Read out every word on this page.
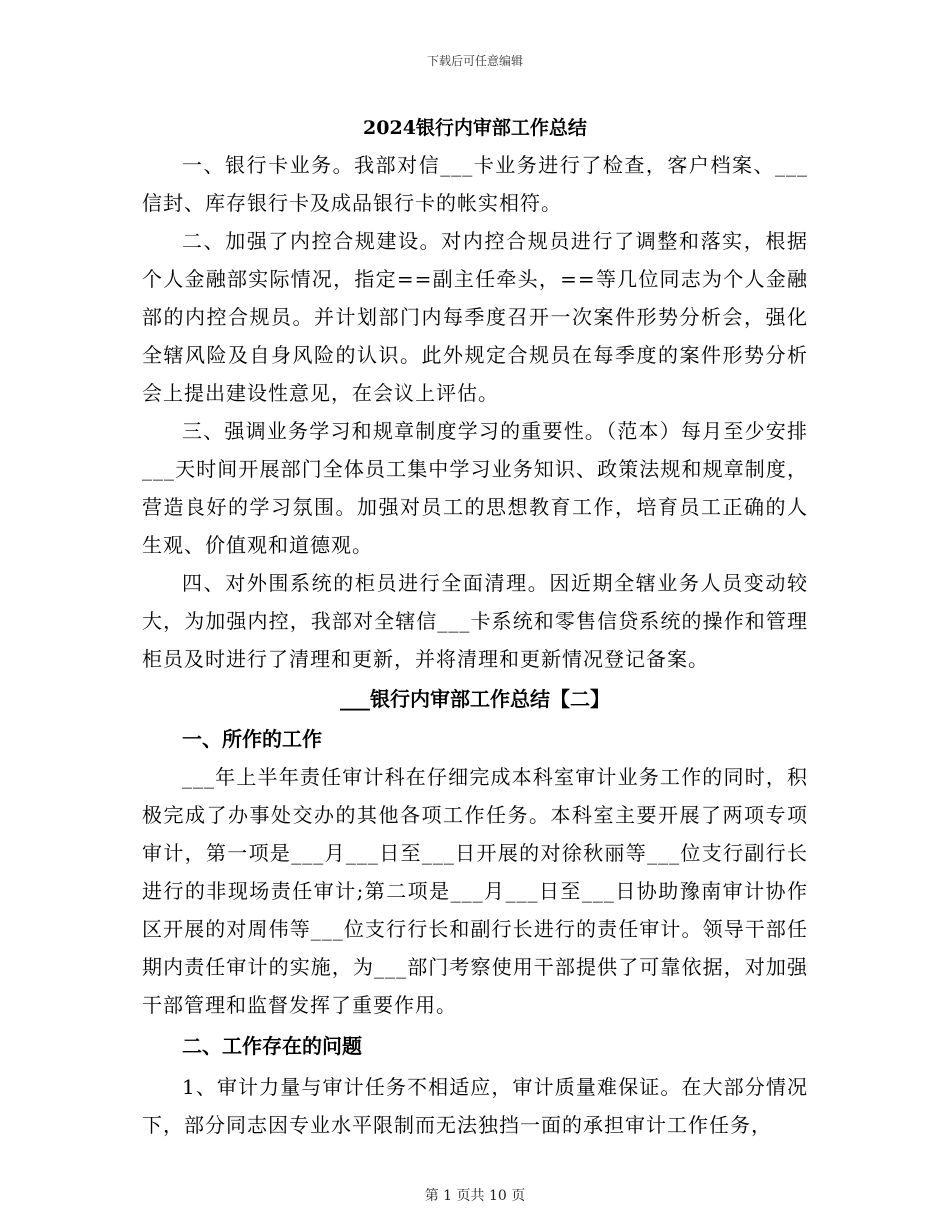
下载后可任意编辑

2024银行内审部工作总结

一、银行卡业务。我部对信___卡业务进行了检查，客户档案、___信封、库存银行卡及成品银行卡的帐实相符。

二、加强了内控合规建设。对内控合规员进行了调整和落实，根据个人金融部实际情况，指定==副主任牵头，==等几位同志为个人金融部的内控合规员。并计划部门内每季度召开一次案件形势分析会，强化全辖风险及自身风险的认识。此外规定合规员在每季度的案件形势分析会上提出建设性意见，在会议上评估。

三、强调业务学习和规章制度学习的重要性。（范本）每月至少安排___天时间开展部门全体员工集中学习业务知识、政策法规和规章制度，营造良好的学习氛围。加强对员工的思想教育工作，培育员工正确的人生观、价值观和道德观。

四、对外围系统的柜员进行全面清理。因近期全辖业务人员变动较大，为加强内控，我部对全辖信___卡系统和零售信贷系统的操作和管理柜员及时进行了清理和更新，并将清理和更新情况登记备案。

___银行内审部工作总结【二】

一、所作的工作

___年上半年责任审计科在仔细完成本科室审计业务工作的同时，积极完成了办事处交办的其他各项工作任务。本科室主要开展了两项专项审计，第一项是___月___日至___日开展的对徐秋丽等___位支行副行长进行的非现场责任审计;第二项是___月___日至___日协助豫南审计协作区开展的对周伟等___位支行行长和副行长进行的责任审计。领导干部任期内责任审计的实施，为___部门考察使用干部提供了可靠依据，对加强干部管理和监督发挥了重要作用。

二、工作存在的问题

1、审计力量与审计任务不相适应，审计质量难保证。在大部分情况下，部分同志因专业水平限制而无法独挡一面的承担审计工作任务，

第 1 页共 10 页
